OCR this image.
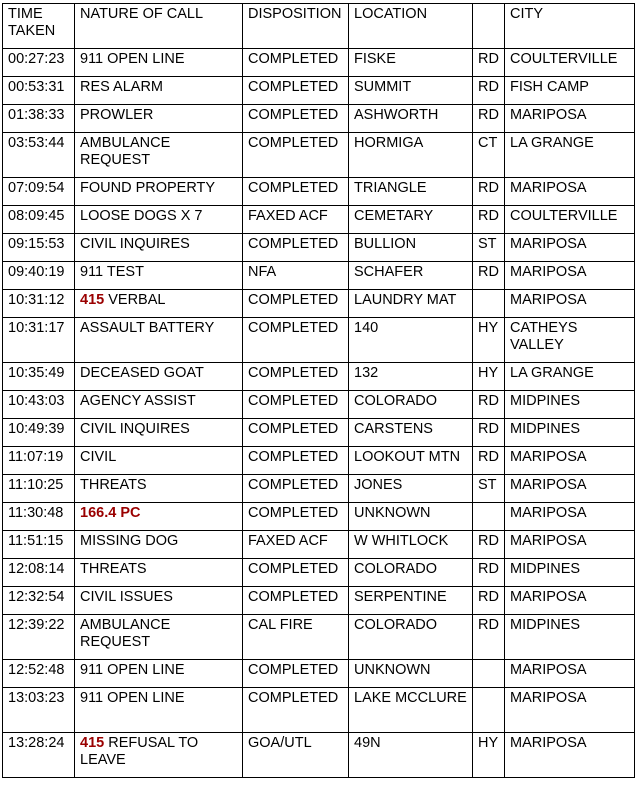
TIME TAKEN	NATURE OF CALL	DISPOSITION	LOCATION		CITY
00:27:23	911 OPEN LINE	COMPLETED	FISKE	RD	COULTERVILLE
00:53:31	RES ALARM	COMPLETED	SUMMIT	RD	FISH CAMP
01:38:33	PROWLER	COMPLETED	ASHWORTH	RD	MARIPOSA
03:53:44	AMBULANCE REQUEST	COMPLETED	HORMIGA	CT	LA GRANGE
07:09:54	FOUND PROPERTY	COMPLETED	TRIANGLE	RD	MARIPOSA
08:09:45	LOOSE DOGS X 7	FAXED ACF	CEMETARY	RD	COULTERVILLE
09:15:53	CIVIL INQUIRES	COMPLETED	BULLION	ST	MARIPOSA
09:40:19	911 TEST	NFA	SCHAFER	RD	MARIPOSA
10:31:12	415 VERBAL	COMPLETED	LAUNDRY MAT		MARIPOSA
10:31:17	ASSAULT BATTERY	COMPLETED	140	HY	CATHEYS VALLEY
10:35:49	DECEASED GOAT	COMPLETED	132	HY	LA GRANGE
10:43:03	AGENCY ASSIST	COMPLETED	COLORADO	RD	MIDPINES
10:49:39	CIVIL INQUIRES	COMPLETED	CARSTENS	RD	MIDPINES
11:07:19	CIVIL	COMPLETED	LOOKOUT MTN	RD	MARIPOSA
11:10:25	THREATS	COMPLETED	JONES	ST	MARIPOSA
11:30:48	166.4 PC	COMPLETED	UNKNOWN		MARIPOSA
11:51:15	MISSING DOG	FAXED ACF	W WHITLOCK	RD	MARIPOSA
12:08:14	THREATS	COMPLETED	COLORADO	RD	MIDPINES
12:32:54	CIVIL ISSUES	COMPLETED	SERPENTINE	RD	MARIPOSA
12:39:22	AMBULANCE REQUEST	CAL FIRE	COLORADO	RD	MIDPINES
12:52:48	911 OPEN LINE	COMPLETED	UNKNOWN		MARIPOSA
13:03:23	911 OPEN LINE	COMPLETED	LAKE MCCLURE		MARIPOSA
13:28:24	415 REFUSAL TO LEAVE	GOA/UTL	49N	HY	MARIPOSA
